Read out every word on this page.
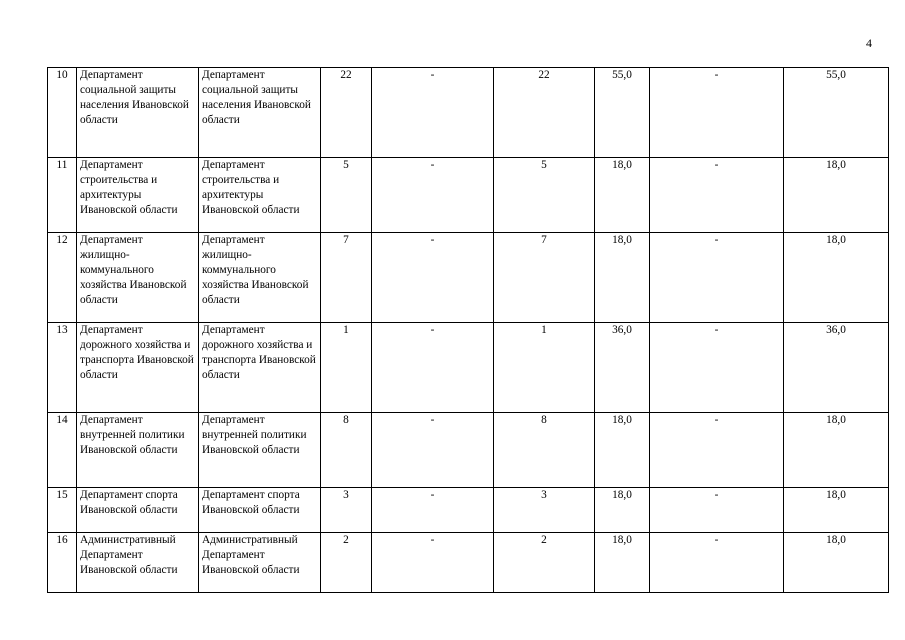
4
10	Департамент социальной защиты населения Ивановской области	Департамент социальной защиты населения Ивановской области	22	-	22	55,0	-	55,0
11	Департамент строительства и архитектуры Ивановской области	Департамент строительства и архитектуры Ивановской области	5	-	5	18,0	-	18,0
12	Департамент жилищно-коммунального хозяйства Ивановской области	Департамент жилищно-коммунального хозяйства Ивановской области	7	-	7	18,0	-	18,0
13	Департамент дорожного хозяйства и транспорта Ивановской области	Департамент дорожного хозяйства и транспорта Ивановской области	1	-	1	36,0	-	36,0
14	Департамент внутренней политики Ивановской области	Департамент внутренней политики Ивановской области	8	-	8	18,0	-	18,0
15	Департамент спорта Ивановской области	Департамент спорта Ивановской области	3	-	3	18,0	-	18,0
16	Административный Департамент Ивановской области	Административный Департамент Ивановской области	2	-	2	18,0	-	18,0
